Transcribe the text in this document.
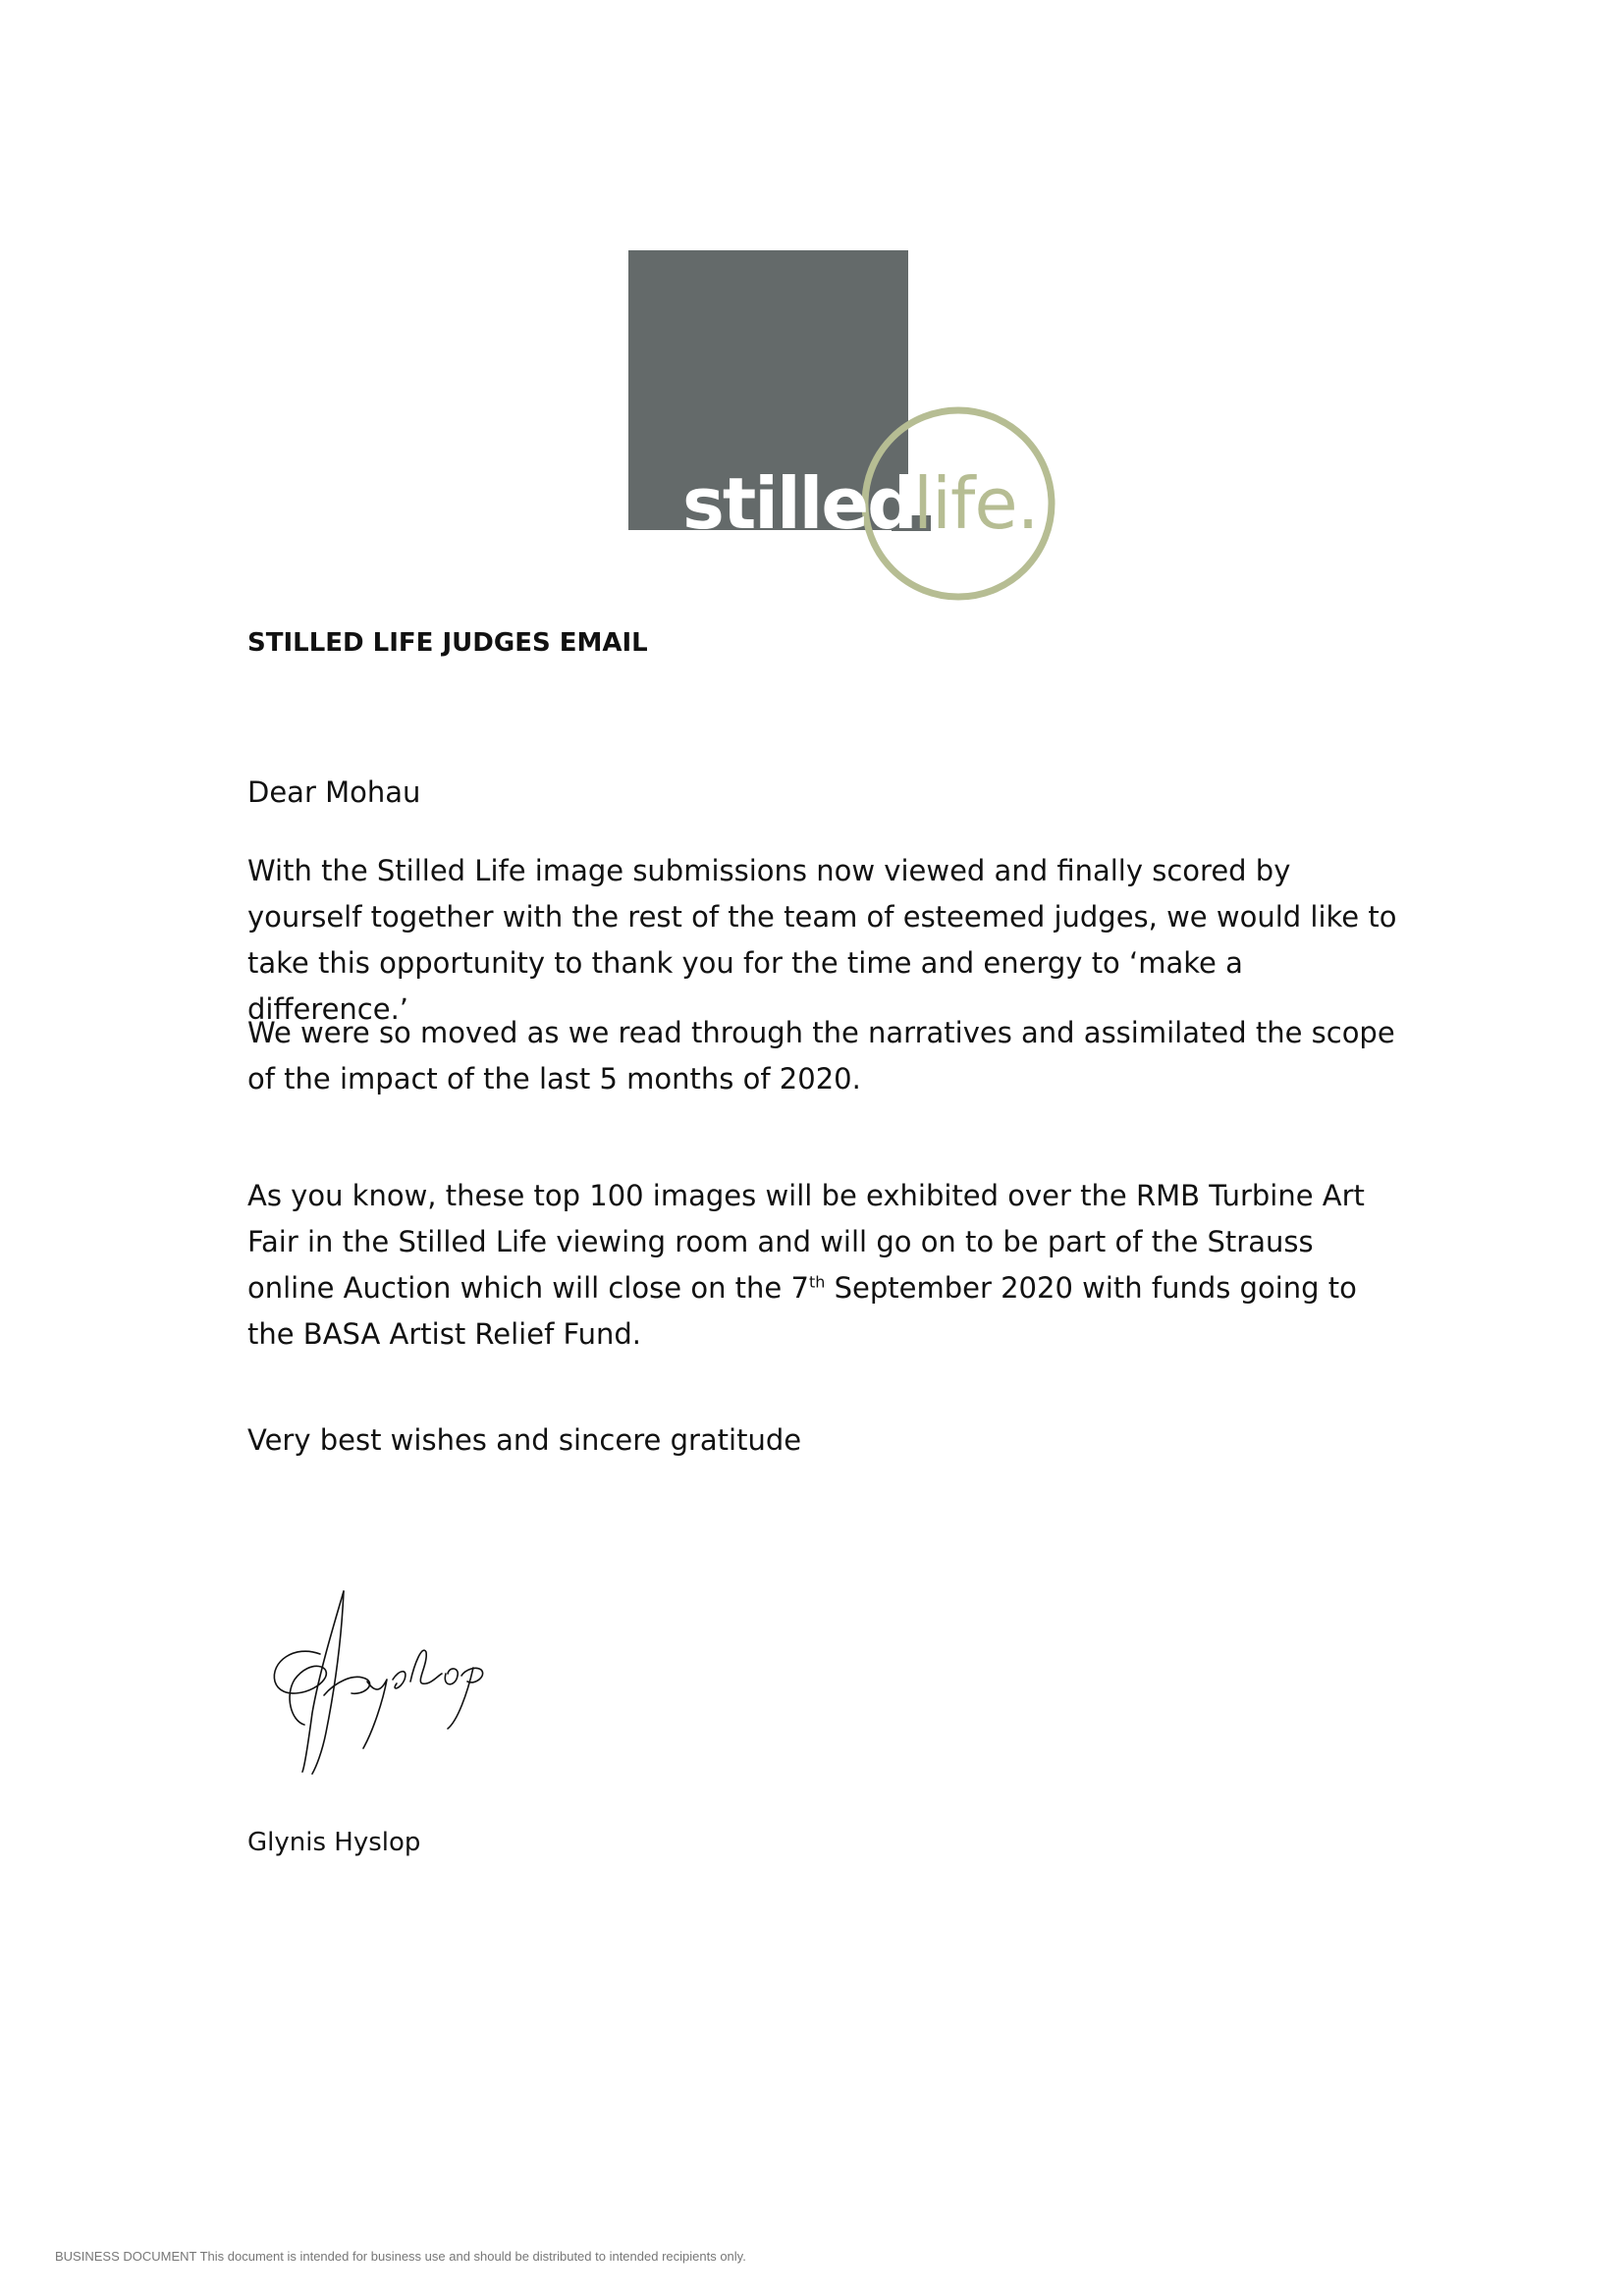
stilled
life.
STILLED LIFE JUDGES EMAIL
Dear Mohau
With the Stilled Life image submissions now viewed and finally scored by yourself together with the rest of the team of esteemed judges, we would like to take this opportunity to thank you for the time and energy to ‘make a difference.’
We were so moved as we read through the narratives and assimilated the scope of the impact of the last 5 months of 2020.
As you know, these top 100 images will be exhibited over the RMB Turbine Art Fair in the Stilled Life viewing room and will go on to be part of the Strauss online Auction which will close on the 7th September 2020 with funds going to the BASA Artist Relief Fund.
Very best wishes and sincere gratitude
Glynis Hyslop
BUSINESS DOCUMENT This document is intended for business use and should be distributed to intended recipients only.
